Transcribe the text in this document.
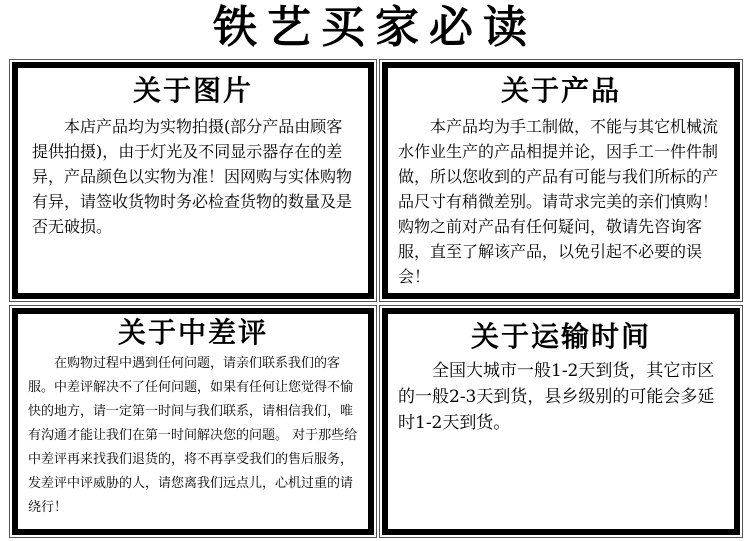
铁艺买家必读
关于图片
本店产品均为实物拍摄(部分产品由顾客提供拍摄)，由于灯光及不同显示器存在的差异，产品颜色以实物为准！因网购与实体购物有异，请签收货物时务必检查货物的数量及是否无破损。
关于产品
本产品均为手工制做，不能与其它机械流水作业生产的产品相提并论，因手工一件件制做，所以您收到的产品有可能与我们所标的产品尺寸有稍微差别。请苛求完美的亲们慎购！购物之前对产品有任何疑问，敬请先咨询客服，直至了解该产品，以免引起不必要的误会！
关于中差评
在购物过程中遇到任何问题，请亲们联系我们的客服。中差评解决不了任何问题，如果有任何让您觉得不愉快的地方，请一定第一时间与我们联系，请相信我们，唯有沟通才能让我们在第一时间解决您的问题。 对于那些给中差评再来找我们退货的，将不再享受我们的售后服务，发差评中评威胁的人，请您离我们远点儿，心机过重的请绕行！
关于运输时间
全国大城市一般1-2天到货，其它市区的一般2-3天到货，县乡级别的可能会多延时1-2天到货。
